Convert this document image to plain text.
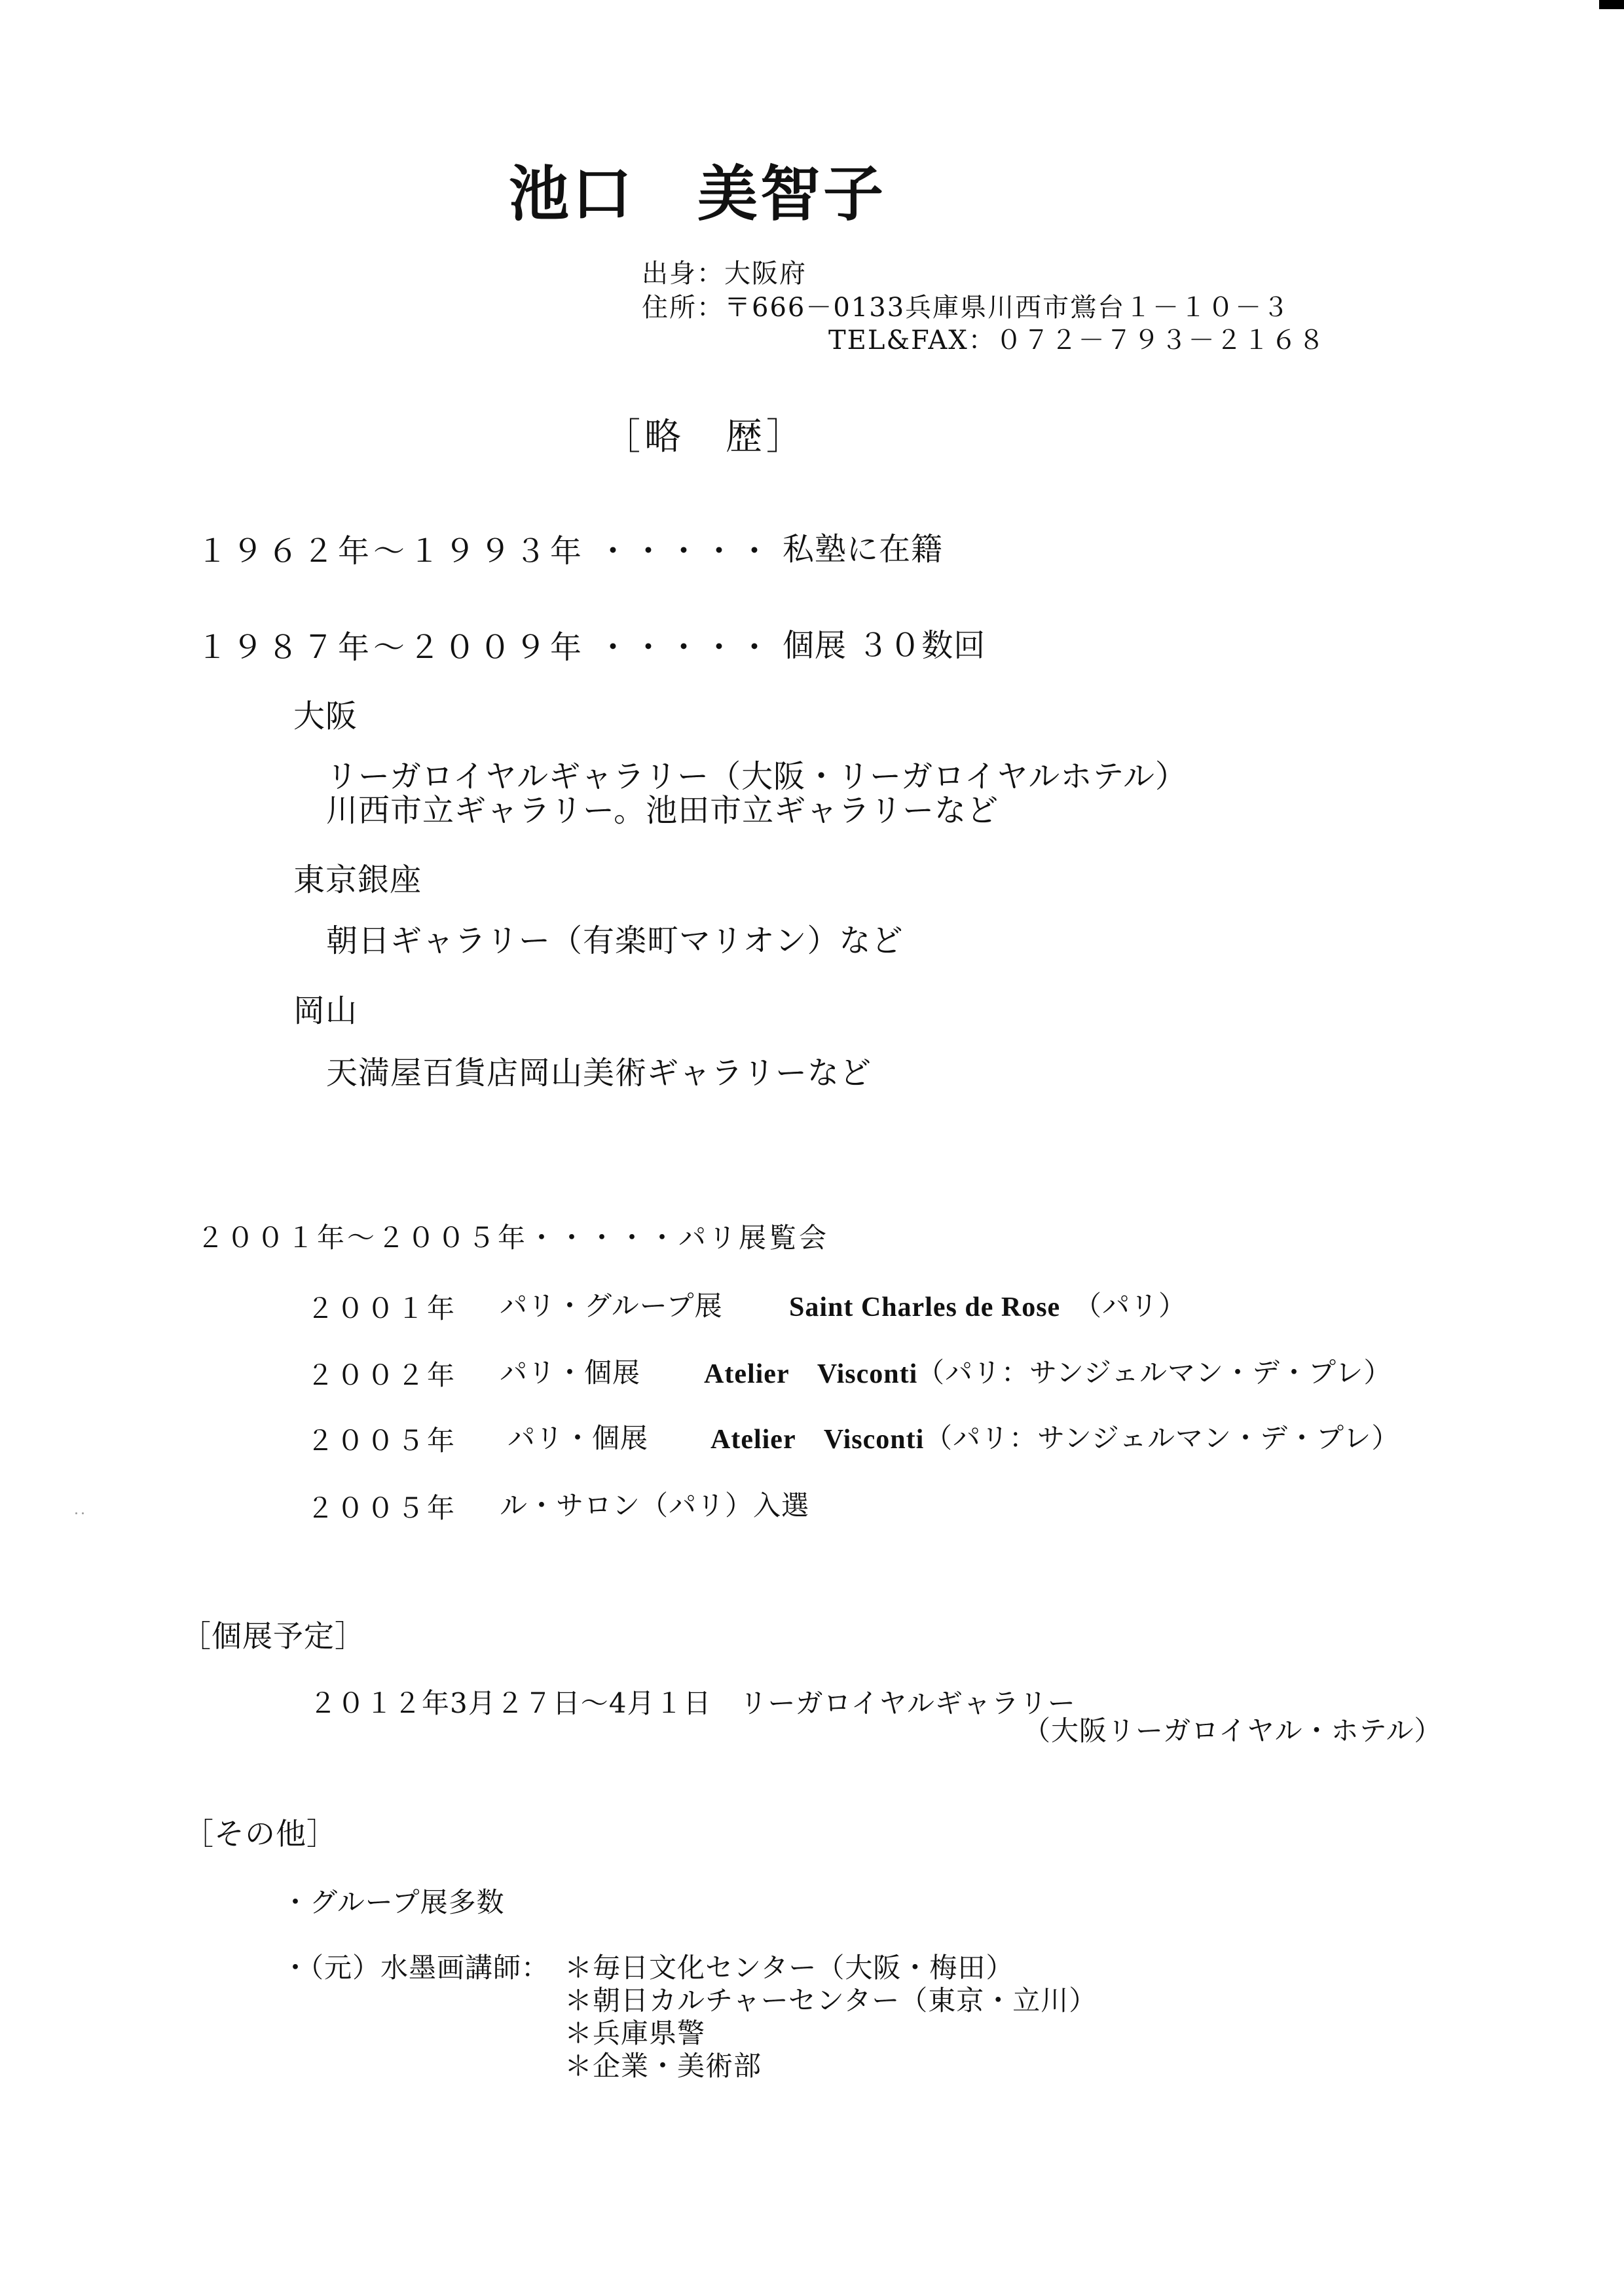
池口　美智子
出身：大阪府
住所：〒666－0133兵庫県川西市鴬台１－１０－３
TEL&FAX：０７２－７９３－２１６８
［略　歴］
１９６２年～１９９３年 ・・・・・ 私塾に在籍
１９８７年～２００９年 ・・・・・ 個展 ３０数回
大阪
リーガロイヤルギャラリー（大阪・リーガロイヤルホテル）
川西市立ギャラリー。池田市立ギャラリーなど
東京銀座
朝日ギャラリー（有楽町マリオン）など
岡山
天満屋百貨店岡山美術ギャラリーなど
２００１年～２００５年・・・・・パリ展覧会
２００１年 パリ・グループ展 Saint Charles de Rose （パリ）
２００２年 パリ・個展 Atelier　Visconti
（パリ：サンジェルマン・デ・プレ）
２００５年 パリ・個展 Atelier　Visconti （パリ：サンジェルマン・デ・プレ）
２００５年 ル・サロン（パリ）入選
［個展予定］
２０１２年3月２７日～4月１日　リーガロイヤルギャラリー
（大阪リーガロイヤル・ホテル）
［その他］
・グループ展多数
・（元）水墨画講師： ＊毎日文化センター（大阪・梅田）
＊朝日カルチャーセンター（東京・立川）
＊兵庫県警
＊企業・美術部
